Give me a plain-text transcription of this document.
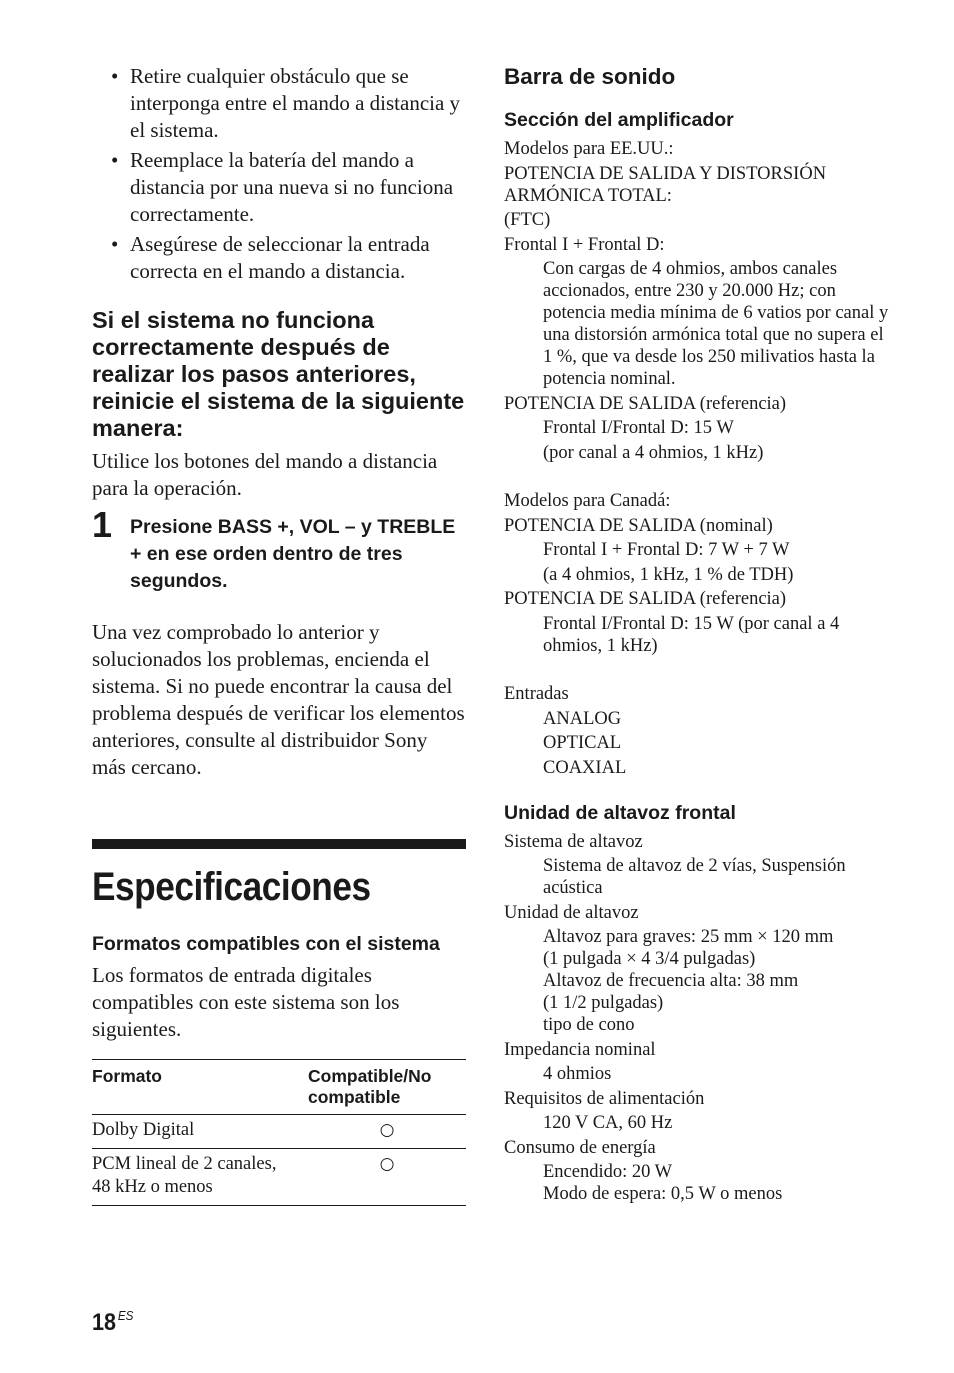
• Retire cualquier obstáculo que se interponga entre el mando a distancia y el sistema.
• Reemplace la batería del mando a distancia por una nueva si no funciona correctamente.
• Asegúrese de seleccionar la entrada correcta en el mando a distancia.
Si el sistema no funciona correctamente después de realizar los pasos anteriores, reinicie el sistema de la siguiente manera:

Utilice los botones del mando a distancia para la operación.

1 Presione BASS +, VOL – y TREBLE + en ese orden dentro de tres segundos.

Una vez comprobado lo anterior y solucionados los problemas, encienda el sistema. Si no puede encontrar la causa del problema después de verificar los elementos anteriores, consulte al distribuidor Sony más cercano.

Especificaciones
Formatos compatibles con el sistema

Los formatos de entrada digitales compatibles con este sistema son los siguientes.

Formato	Compatible/No compatible
Dolby Digital	○
PCM lineal de 2 canales, 48 kHz o menos	○
Barra de sonido
Sección del amplificador
Modelos para EE.UU.:
POTENCIA DE SALIDA Y DISTORSIÓN ARMÓNICA TOTAL:
(FTC)
Frontal I + Frontal D:
Con cargas de 4 ohmios, ambos canales accionados, entre 230 y 20.000 Hz; con potencia media mínima de 6 vatios por canal y una distorsión armónica total que no supera el 1 %, que va desde los 250 milivatios hasta la potencia nominal.
POTENCIA DE SALIDA (referencia)
Frontal I/Frontal D: 15 W
(por canal a 4 ohmios, 1 kHz)
Modelos para Canadá:
POTENCIA DE SALIDA (nominal)
Frontal I + Frontal D: 7 W + 7 W
(a 4 ohmios, 1 kHz, 1 % de TDH)
POTENCIA DE SALIDA (referencia)
Frontal I/Frontal D: 15 W (por canal a 4 ohmios, 1 kHz)
Entradas
ANALOG
OPTICAL
COAXIAL
Unidad de altavoz frontal
Sistema de altavoz
Sistema de altavoz de 2 vías, Suspensión acústica
Unidad de altavoz
Altavoz para graves: 25 mm × 120 mm
(1 pulgada × 4 3/4 pulgadas)
Altavoz de frecuencia alta: 38 mm
(1 1/2 pulgadas)
tipo de cono
Impedancia nominal
4 ohmios
Requisitos de alimentación
120 V CA, 60 Hz
Consumo de energía
Encendido: 20 W
Modo de espera: 0,5 W o menos
18 $^{ES}$
